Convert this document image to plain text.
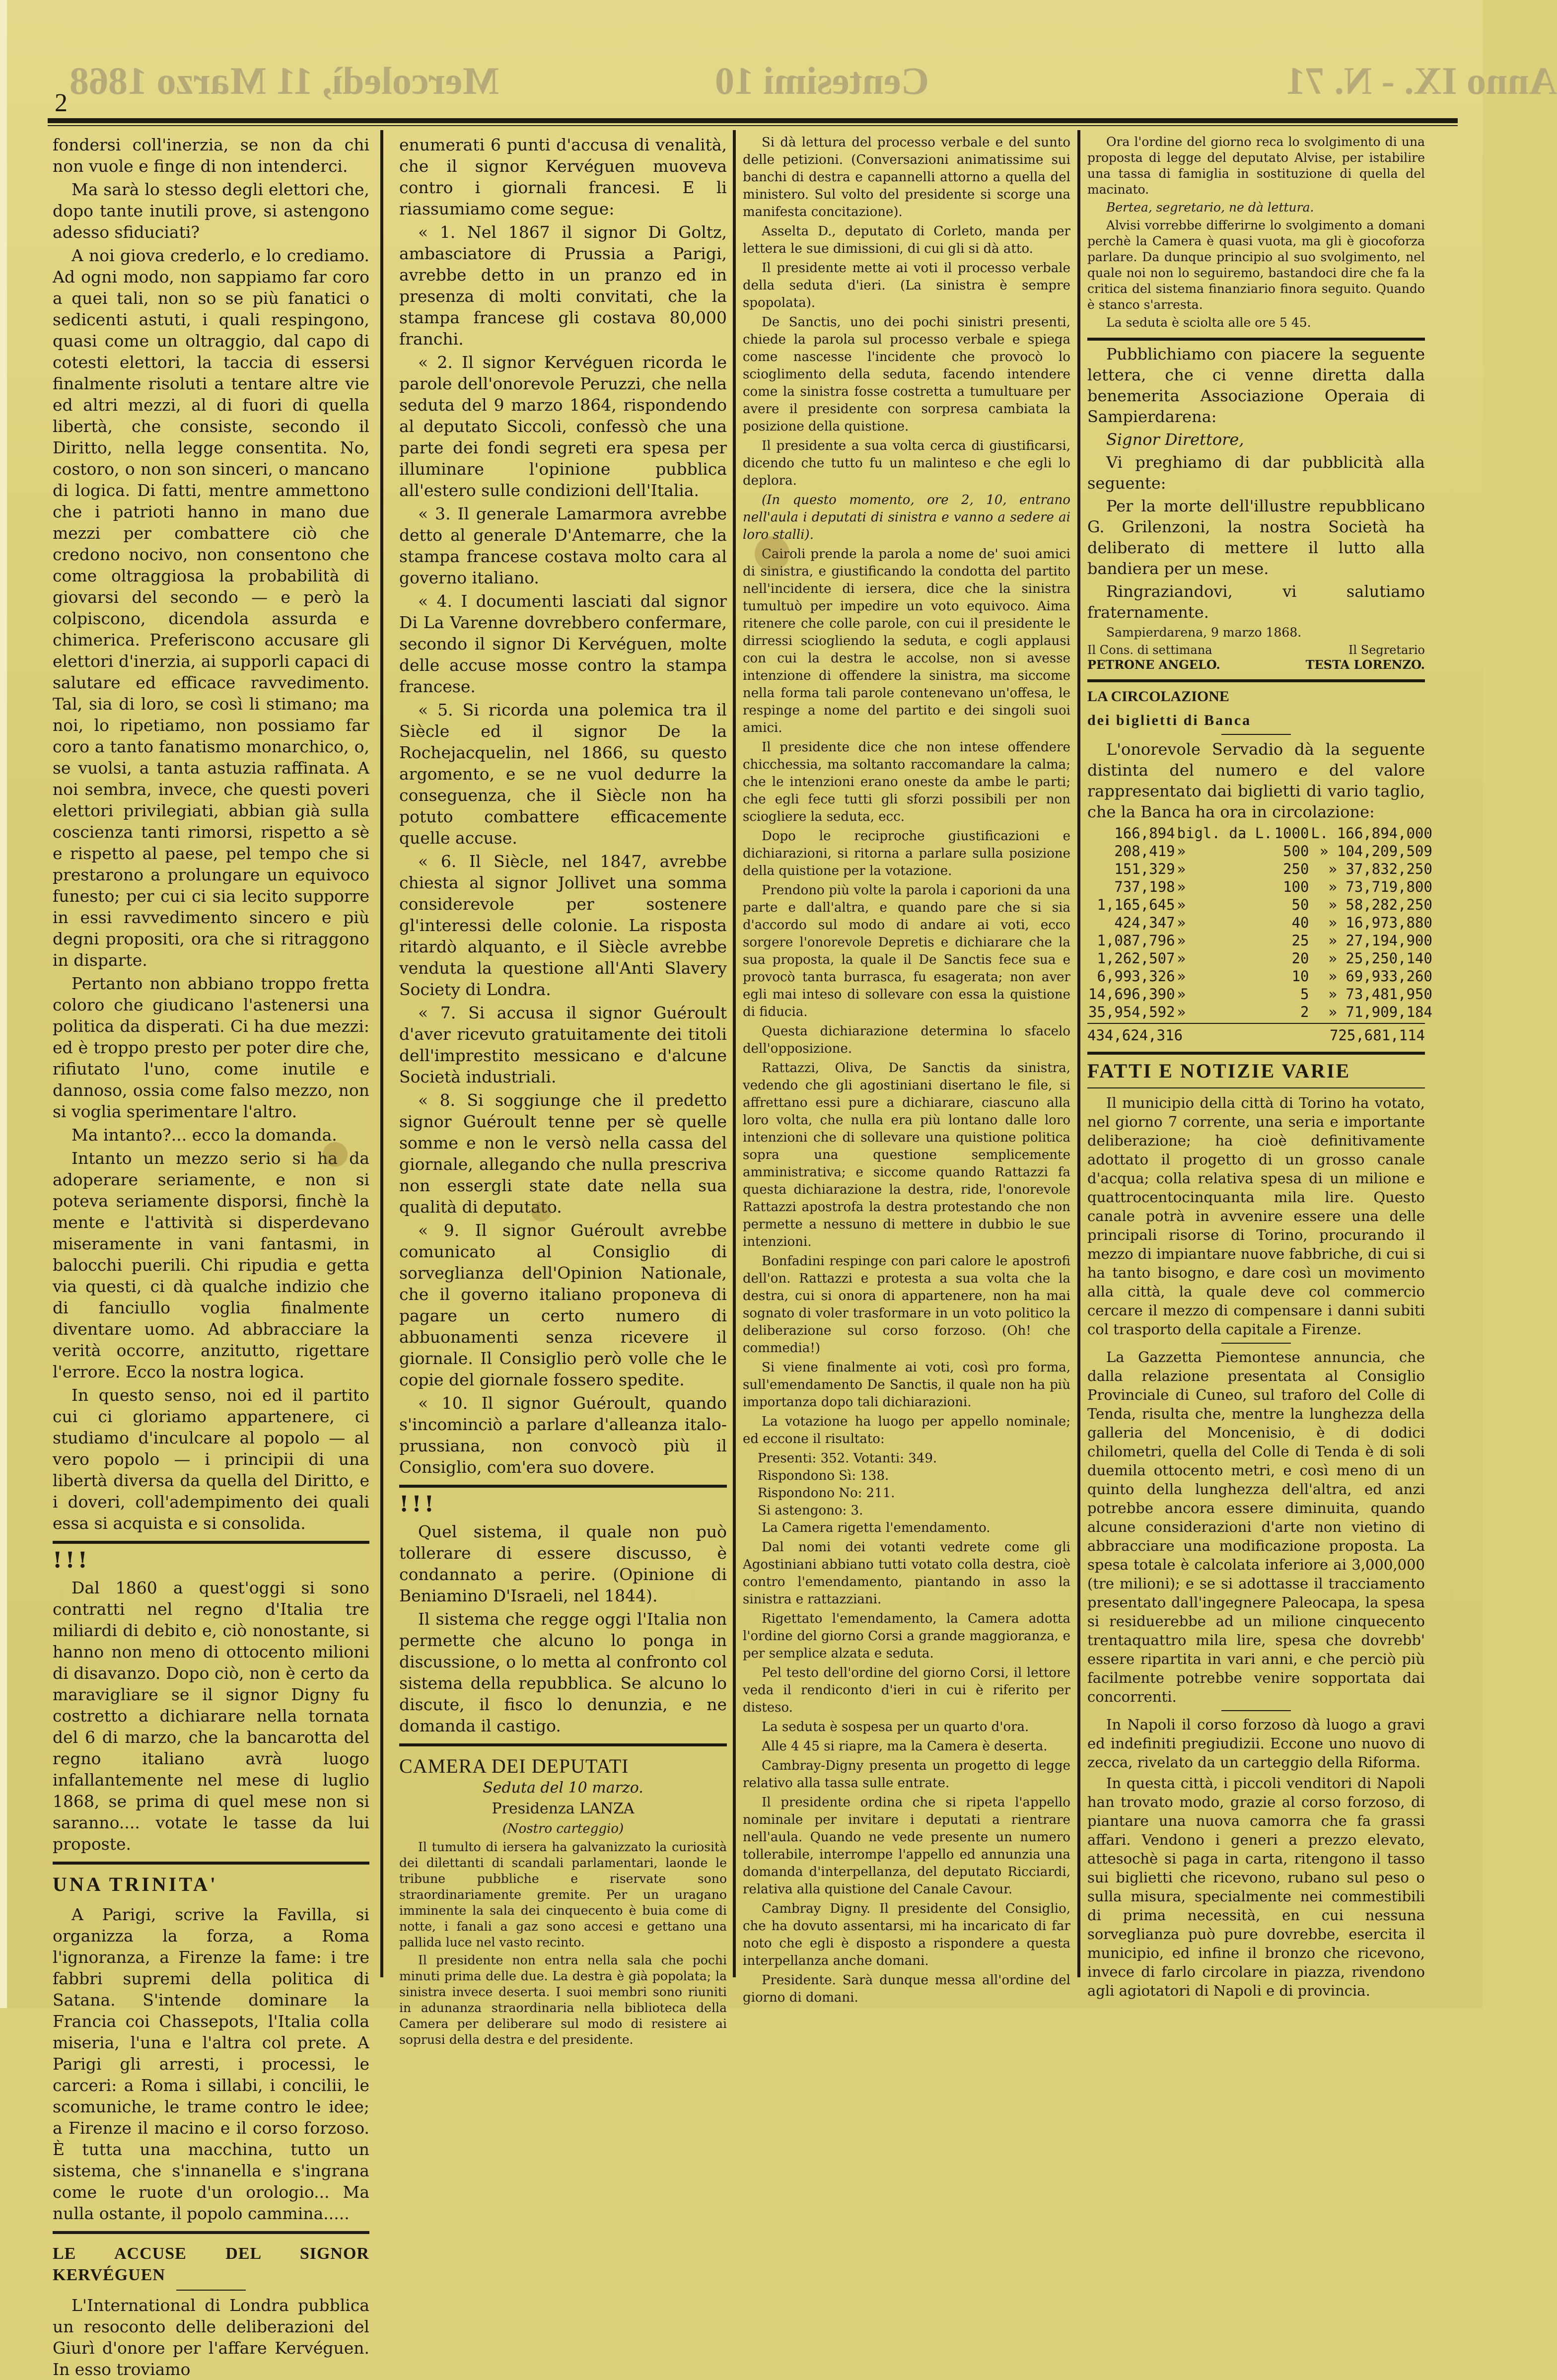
Anno IX. - N. 71
Centesimi 10
Mercoledì, 11 Marzo 1868
2

fondersi coll'inerzia, se non da chi non vuole e finge di non intenderci.

Ma sarà lo stesso degli elettori che, dopo tante inutili prove, si astengono adesso sfiduciati?

A noi giova crederlo, e lo crediamo. Ad ogni modo, non sappiamo far coro a quei tali, non so se più fanatici o sedicenti astuti, i quali respingono, quasi come un oltraggio, dal capo di cotesti elettori, la taccia di essersi finalmente risoluti a tentare altre vie ed altri mezzi, al di fuori di quella libertà, che consiste, secondo il Diritto, nella legge consentita. No, costoro, o non son sinceri, o mancano di logica. Di fatti, mentre ammettono che i patrioti hanno in mano due mezzi per combattere ciò che credono nocivo, non consentono che come oltraggiosa la probabilità di giovarsi del secondo — e però la colpiscono, dicendola assurda e chimerica. Preferiscono accusare gli elettori d'inerzia, ai supporli capaci di salutare ed efficace ravvedimento. Tal, sia di loro, se così li stimano; ma noi, lo ripetiamo, non possiamo far coro a tanto fanatismo monarchico, o, se vuolsi, a tanta astuzia raffinata. A noi sembra, invece, che questi poveri elettori privilegiati, abbian già sulla coscienza tanti rimorsi, rispetto a sè e rispetto al paese, pel tempo che si prestarono a prolungare un equivoco funesto; per cui ci sia lecito supporre in essi ravvedimento sincero e più degni propositi, ora che si ritraggono in disparte.

Pertanto non abbiano troppo fretta coloro che giudicano l'astenersi una politica da disperati. Ci ha due mezzi: ed è troppo presto per poter dire che, rifiutato l'uno, come inutile e dannoso, ossia come falso mezzo, non si voglia sperimentare l'altro.

Ma intanto?... ecco la domanda.

Intanto un mezzo serio si ha da adoperare seriamente, e non si poteva seriamente disporsi, finchè la mente e l'attività si disperdevano miseramente in vani fantasmi, in balocchi puerili. Chi ripudia e getta via questi, ci dà qualche indizio che di fanciullo voglia finalmente diventare uomo. Ad abbracciare la verità occorre, anzitutto, rigettare l'errore. Ecco la nostra logica.

In questo senso, noi ed il partito cui ci gloriamo appartenere, ci studiamo d'inculcare al popolo — al vero popolo — i principii di una libertà diversa da quella del Diritto, e i doveri, coll'adempimento dei quali essa si acquista e si consolida.

!!!

Dal 1860 a quest'oggi si sono contratti nel regno d'Italia tre miliardi di debito e, ciò nonostante, si hanno non meno di ottocento milioni di disavanzo. Dopo ciò, non è certo da maravigliare se il signor Digny fu costretto a dichiarare nella tornata del 6 di marzo, che la bancarotta del regno italiano avrà luogo infallantemente nel mese di luglio 1868, se prima di quel mese non si saranno.... votate le tasse da lui proposte.

UNA TRINITA'

A Parigi, scrive la Favilla, si organizza la forza, a Roma l'ignoranza, a Firenze la fame: i tre fabbri supremi della politica di Satana. S'intende dominare la Francia coi Chassepots, l'Italia colla miseria, l'una e l'altra col prete. A Parigi gli arresti, i processi, le carceri: a Roma i sillabi, i concilii, le scomuniche, le trame contro le idee; a Firenze il macino e il corso forzoso. È tutta una macchina, tutto un sistema, che s'innanella e s'ingrana come le ruote d'un orologio... Ma nulla ostante, il popolo cammina.....

LE ACCUSE DEL SIGNOR KERVÉGUEN

L'International di Londra pubblica un resoconto delle deliberazioni del Giurì d'onore per l'affare Kervéguen. In esso troviamo

enumerati 6 punti d'accusa di venalità, che il signor Kervéguen muoveva contro i giornali francesi. E li riassumiamo come segue:

« 1. Nel 1867 il signor Di Goltz, ambasciatore di Prussia a Parigi, avrebbe detto in un pranzo ed in presenza di molti convitati, che la stampa francese gli costava 80,000 franchi.

« 2. Il signor Kervéguen ricorda le parole dell'onorevole Peruzzi, che nella seduta del 9 marzo 1864, rispondendo al deputato Siccoli, confessò che una parte dei fondi segreti era spesa per illuminare l'opinione pubblica all'estero sulle condizioni dell'Italia.

« 3. Il generale Lamarmora avrebbe detto al generale D'Antemarre, che la stampa francese costava molto cara al governo italiano.

« 4. I documenti lasciati dal signor Di La Varenne dovrebbero confermare, secondo il signor Di Kervéguen, molte delle accuse mosse contro la stampa francese.

« 5. Si ricorda una polemica tra il Siècle ed il signor De la Rochejacquelin, nel 1866, su questo argomento, e se ne vuol dedurre la conseguenza, che il Siècle non ha potuto combattere efficacemente quelle accuse.

« 6. Il Siècle, nel 1847, avrebbe chiesta al signor Jollivet una somma considerevole per sostenere gl'interessi delle colonie. La risposta ritardò alquanto, e il Siècle avrebbe venduta la questione all'Anti Slavery Society di Londra.

« 7. Si accusa il signor Guéroult d'aver ricevuto gratuitamente dei titoli dell'imprestito messicano e d'alcune Società industriali.

« 8. Si soggiunge che il predetto signor Guéroult tenne per sè quelle somme e non le versò nella cassa del giornale, allegando che nulla prescriva non essergli state date nella sua qualità di deputato.

« 9. Il signor Guéroult avrebbe comunicato al Consiglio di sorveglianza dell'Opinion Nationale, che il governo italiano proponeva di pagare un certo numero di abbuonamenti senza ricevere il giornale. Il Consiglio però volle che le copie del giornale fossero spedite.

« 10. Il signor Guéroult, quando s'incominciò a parlare d'alleanza italo-prussiana, non convocò più il Consiglio, com'era suo dovere.

!!!

Quel sistema, il quale non può tollerare di essere discusso, è condannato a perire. (Opinione di Beniamino D'Israeli, nel 1844).

Il sistema che regge oggi l'Italia non permette che alcuno lo ponga in discussione, o lo metta al confronto col sistema della repubblica. Se alcuno lo discute, il fisco lo denunzia, e ne domanda il castigo.

CAMERA DEI DEPUTATI

Seduta del 10 marzo.

Presidenza LANZA

(Nostro carteggio)

Il tumulto di iersera ha galvanizzato la curiosità dei dilettanti di scandali parlamentari, laonde le tribune pubbliche e riservate sono straordinariamente gremite. Per un uragano imminente la sala dei cinquecento è buia come di notte, i fanali a gaz sono accesi e gettano una pallida luce nel vasto recinto.

Il presidente non entra nella sala che pochi minuti prima delle due. La destra è già popolata; la sinistra invece deserta. I suoi membri sono riuniti in adunanza straordinaria nella biblioteca della Camera per deliberare sul modo di resistere ai soprusi della destra e del presidente.

Si dà lettura del processo verbale e del sunto delle petizioni. (Conversazioni animatissime sui banchi di destra e capannelli attorno a quella del ministero. Sul volto del presidente si scorge una manifesta concitazione).

Asselta D., deputato di Corleto, manda per lettera le sue dimissioni, di cui gli si dà atto.

Il presidente mette ai voti il processo verbale della seduta d'ieri. (La sinistra è sempre spopolata).

De Sanctis, uno dei pochi sinistri presenti, chiede la parola sul processo verbale e spiega come nascesse l'incidente che provocò lo scioglimento della seduta, facendo intendere come la sinistra fosse costretta a tumultuare per avere il presidente con sorpresa cambiata la posizione della quistione.

Il presidente a sua volta cerca di giustificarsi, dicendo che tutto fu un malinteso e che egli lo deplora.

(In questo momento, ore 2, 10, entrano nell'aula i deputati di sinistra e vanno a sedere ai loro stalli).

Cairoli prende la parola a nome de' suoi amici di sinistra, e giustificando la condotta del partito nell'incidente di iersera, dice che la sinistra tumultuò per impedire un voto equivoco. Aima ritenere che colle parole, con cui il presidente le dirressi sciogliendo la seduta, e cogli applausi con cui la destra le accolse, non si avesse intenzione di offendere la sinistra, ma siccome nella forma tali parole contenevano un'offesa, le respinge a nome del partito e dei singoli suoi amici.

Il presidente dice che non intese offendere chicchessia, ma soltanto raccomandare la calma; che le intenzioni erano oneste da ambe le parti; che egli fece tutti gli sforzi possibili per non sciogliere la seduta, ecc.

Dopo le reciproche giustificazioni e dichiarazioni, si ritorna a parlare sulla posizione della quistione per la votazione.

Prendono più volte la parola i caporioni da una parte e dall'altra, e quando pare che si sia d'accordo sul modo di andare ai voti, ecco sorgere l'onorevole Depretis e dichiarare che la sua proposta, la quale il De Sanctis fece sua e provocò tanta burrasca, fu esagerata; non aver egli mai inteso di sollevare con essa la quistione di fiducia.

Questa dichiarazione determina lo sfacelo dell'opposizione.

Rattazzi, Oliva, De Sanctis da sinistra, vedendo che gli agostiniani disertano le file, si affrettano essi pure a dichiarare, ciascuno alla loro volta, che nulla era più lontano dalle loro intenzioni che di sollevare una quistione politica sopra una questione semplicemente amministrativa; e siccome quando Rattazzi fa questa dichiarazione la destra, ride, l'onorevole Rattazzi apostrofa la destra protestando che non permette a nessuno di mettere in dubbio le sue intenzioni.

Bonfadini respinge con pari calore le apostrofi dell'on. Rattazzi e protesta a sua volta che la destra, cui si onora di appartenere, non ha mai sognato di voler trasformare in un voto politico la deliberazione sul corso forzoso. (Oh! che commedia!)

Si viene finalmente ai voti, così pro forma, sull'emendamento De Sanctis, il quale non ha più importanza dopo tali dichiarazioni.

La votazione ha luogo per appello nominale; ed eccone il risultato:

Presenti: 352. Votanti: 349.
Rispondono Sì: 138.
Rispondono No: 211.
Si astengono: 3.

La Camera rigetta l'emendamento.

Dal nomi dei votanti vedrete come gli Agostiniani abbiano tutti votato colla destra, cioè contro l'emendamento, piantando in asso la sinistra e rattazziani.

Rigettato l'emendamento, la Camera adotta l'ordine del giorno Corsi a grande maggioranza, e per semplice alzata e seduta.

Pel testo dell'ordine del giorno Corsi, il lettore veda il rendiconto d'ieri in cui è riferito per disteso.

La seduta è sospesa per un quarto d'ora.

Alle 4 45 si riapre, ma la Camera è deserta.

Cambray-Digny presenta un progetto di legge relativo alla tassa sulle entrate.

Il presidente ordina che si ripeta l'appello nominale per invitare i deputati a rientrare nell'aula. Quando ne vede presente un numero tollerabile, interrompe l'appello ed annunzia una domanda d'interpellanza, del deputato Ricciardi, relativa alla quistione del Canale Cavour.

Cambray Digny. Il presidente del Consiglio, che ha dovuto assentarsi, mi ha incaricato di far noto che egli è disposto a rispondere a questa interpellanza anche domani.

Presidente. Sarà dunque messa all'ordine del giorno di domani.

Ora l'ordine del giorno reca lo svolgimento di una proposta di legge del deputato Alvise, per istabilire una tassa di famiglia in sostituzione di quella del macinato.

Bertea, segretario, ne dà lettura.

Alvisi vorrebbe differirne lo svolgimento a domani perchè la Camera è quasi vuota, ma gli è giocoforza parlare. Da dunque principio al suo svolgimento, nel quale noi non lo seguiremo, bastandoci dire che fa la critica del sistema finanziario finora seguito. Quando è stanco s'arresta.

La seduta è sciolta alle ore 5 45.

Pubblichiamo con piacere la seguente lettera, che ci venne diretta dalla benemerita Associazione Operaia di Sampierdarena:

Signor Direttore,

Vi preghiamo di dar pubblicità alla seguente:

Per la morte dell'illustre repubblicano G. Grilenzoni, la nostra Società ha deliberato di mettere il lutto alla bandiera per un mese.

Ringraziandovi, vi salutiamo fraternamente.

Sampierdarena, 9 marzo 1868.

Il Cons. di settimana	Il Segretario
PETRONE ANGELO.	TESTA LORENZO.

LA CIRCOLAZIONE

dei biglietti di Banca

L'onorevole Servadio dà la seguente distinta del numero e del valore rappresentato dai biglietti di vario taglio, che la Banca ha ora in circolazione:

166,894	bigl. da L.	1000	L. 166,894,000
208,419	»	500	» 104,209,509
151,329	»	250	» 37,832,250
737,198	»	100	» 73,719,800
1,165,645	»	50	» 58,282,250
424,347	»	40	» 16,973,880
1,087,796	»	25	» 27,194,900
1,262,507	»	20	» 25,250,140
6,993,326	»	10	» 69,933,260
14,696,390	»	5	» 73,481,950
35,954,592	»	2	» 71,909,184
434,624,316	725,681,114

FATTI E NOTIZIE VARIE

Il municipio della città di Torino ha votato, nel giorno 7 corrente, una seria e importante deliberazione; ha cioè definitivamente adottato il progetto di un grosso canale d'acqua; colla relativa spesa di un milione e quattrocentocinquanta mila lire. Questo canale potrà in avvenire essere una delle principali risorse di Torino, procurando il mezzo di impiantare nuove fabbriche, di cui si ha tanto bisogno, e dare così un movimento alla città, la quale deve col commercio cercare il mezzo di compensare i danni subiti col trasporto della capitale a Firenze.

La Gazzetta Piemontese annuncia, che dalla relazione presentata al Consiglio Provinciale di Cuneo, sul traforo del Colle di Tenda, risulta che, mentre la lunghezza della galleria del Moncenisio, è di dodici chilometri, quella del Colle di Tenda è di soli duemila ottocento metri, e così meno di un quinto della lunghezza dell'altra, ed anzi potrebbe ancora essere diminuita, quando alcune considerazioni d'arte non vietino di abbracciare una modificazione proposta. La spesa totale è calcolata inferiore ai 3,000,000 (tre milioni); e se si adottasse il tracciamento presentato dall'ingegnere Paleocapa, la spesa si residuerebbe ad un milione cinquecento trentaquattro mila lire, spesa che dovrebb' essere ripartita in vari anni, e che perciò più facilmente potrebbe venire sopportata dai concorrenti.

In Napoli il corso forzoso dà luogo a gravi ed indefiniti pregiudizii. Eccone uno nuovo di zecca, rivelato da un carteggio della Riforma.

In questa città, i piccoli venditori di Napoli han trovato modo, grazie al corso forzoso, di piantare una nuova camorra che fa grassi affari. Vendono i generi a prezzo elevato, attesochè si paga in carta, ritengono il tasso sui biglietti che ricevono, rubano sul peso o sulla misura, specialmente nei commestibili di prima necessità, en cui nessuna sorveglianza può pure dovrebbe, esercita il municipio, ed infine il bronzo che ricevono, invece di farlo circolare in piazza, rivendono agli agiotatori di Napoli e di provincia.
